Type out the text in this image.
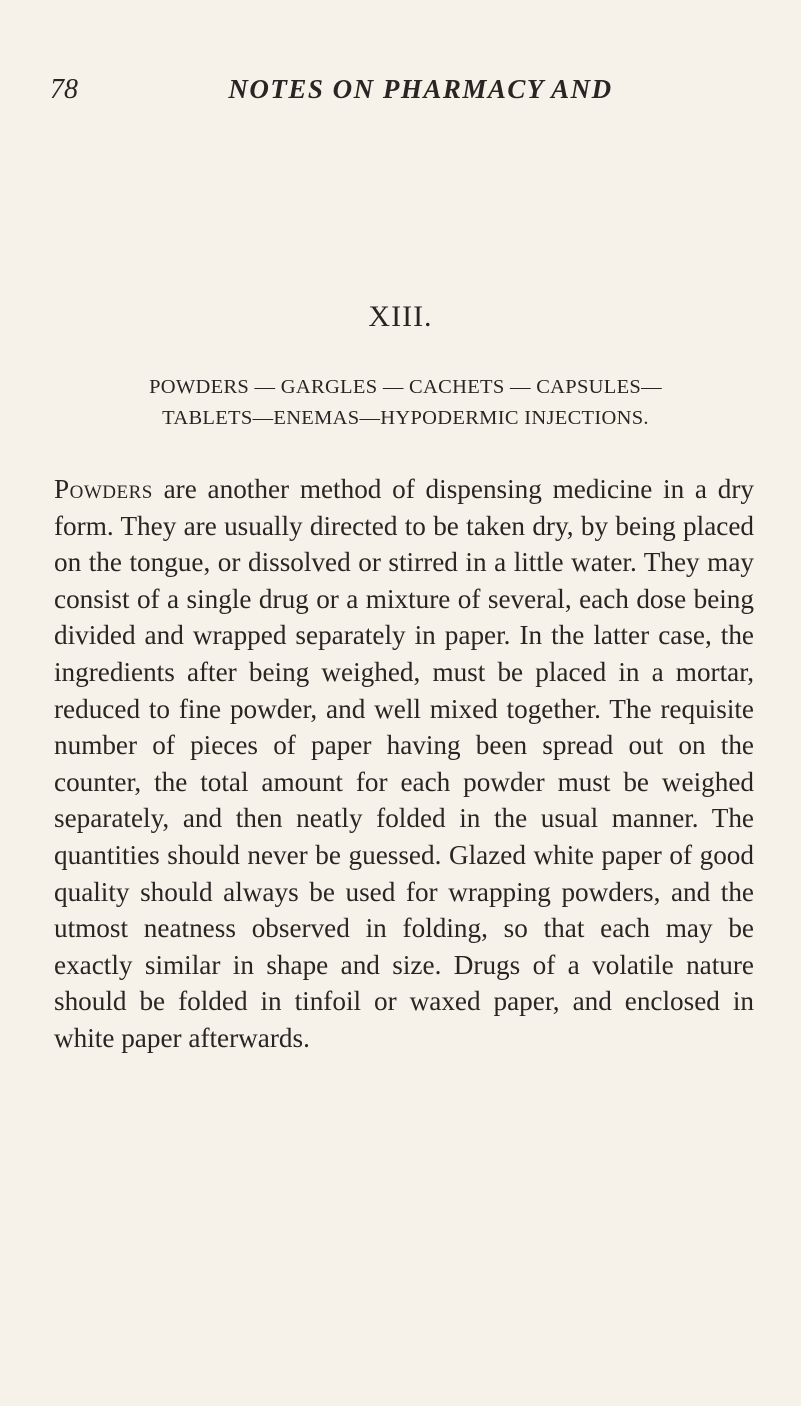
78	NOTES ON PHARMACY AND
XIII.
POWDERS — GARGLES — CACHETS — CAPSULES—
TABLETS—ENEMAS—HYPODERMIC INJECTIONS.

Powders are another method of dispensing medicine in a dry form. They are usually directed to be taken dry, by being placed on the tongue, or dissolved or stirred in a little water. They may consist of a single drug or a mixture of several, each dose being divided and wrapped separately in paper. In the latter case, the ingredients after being weighed, must be placed in a mortar, reduced to fine powder, and well mixed together. The requisite number of pieces of paper having been spread out on the counter, the total amount for each powder must be weighed separately, and then neatly folded in the usual manner. The quantities should never be guessed. Glazed white paper of good quality should always be used for wrapping powders, and the utmost neatness observed in folding, so that each may be exactly similar in shape and size. Drugs of a volatile nature should be folded in tinfoil or waxed paper, and enclosed in white paper afterwards.
